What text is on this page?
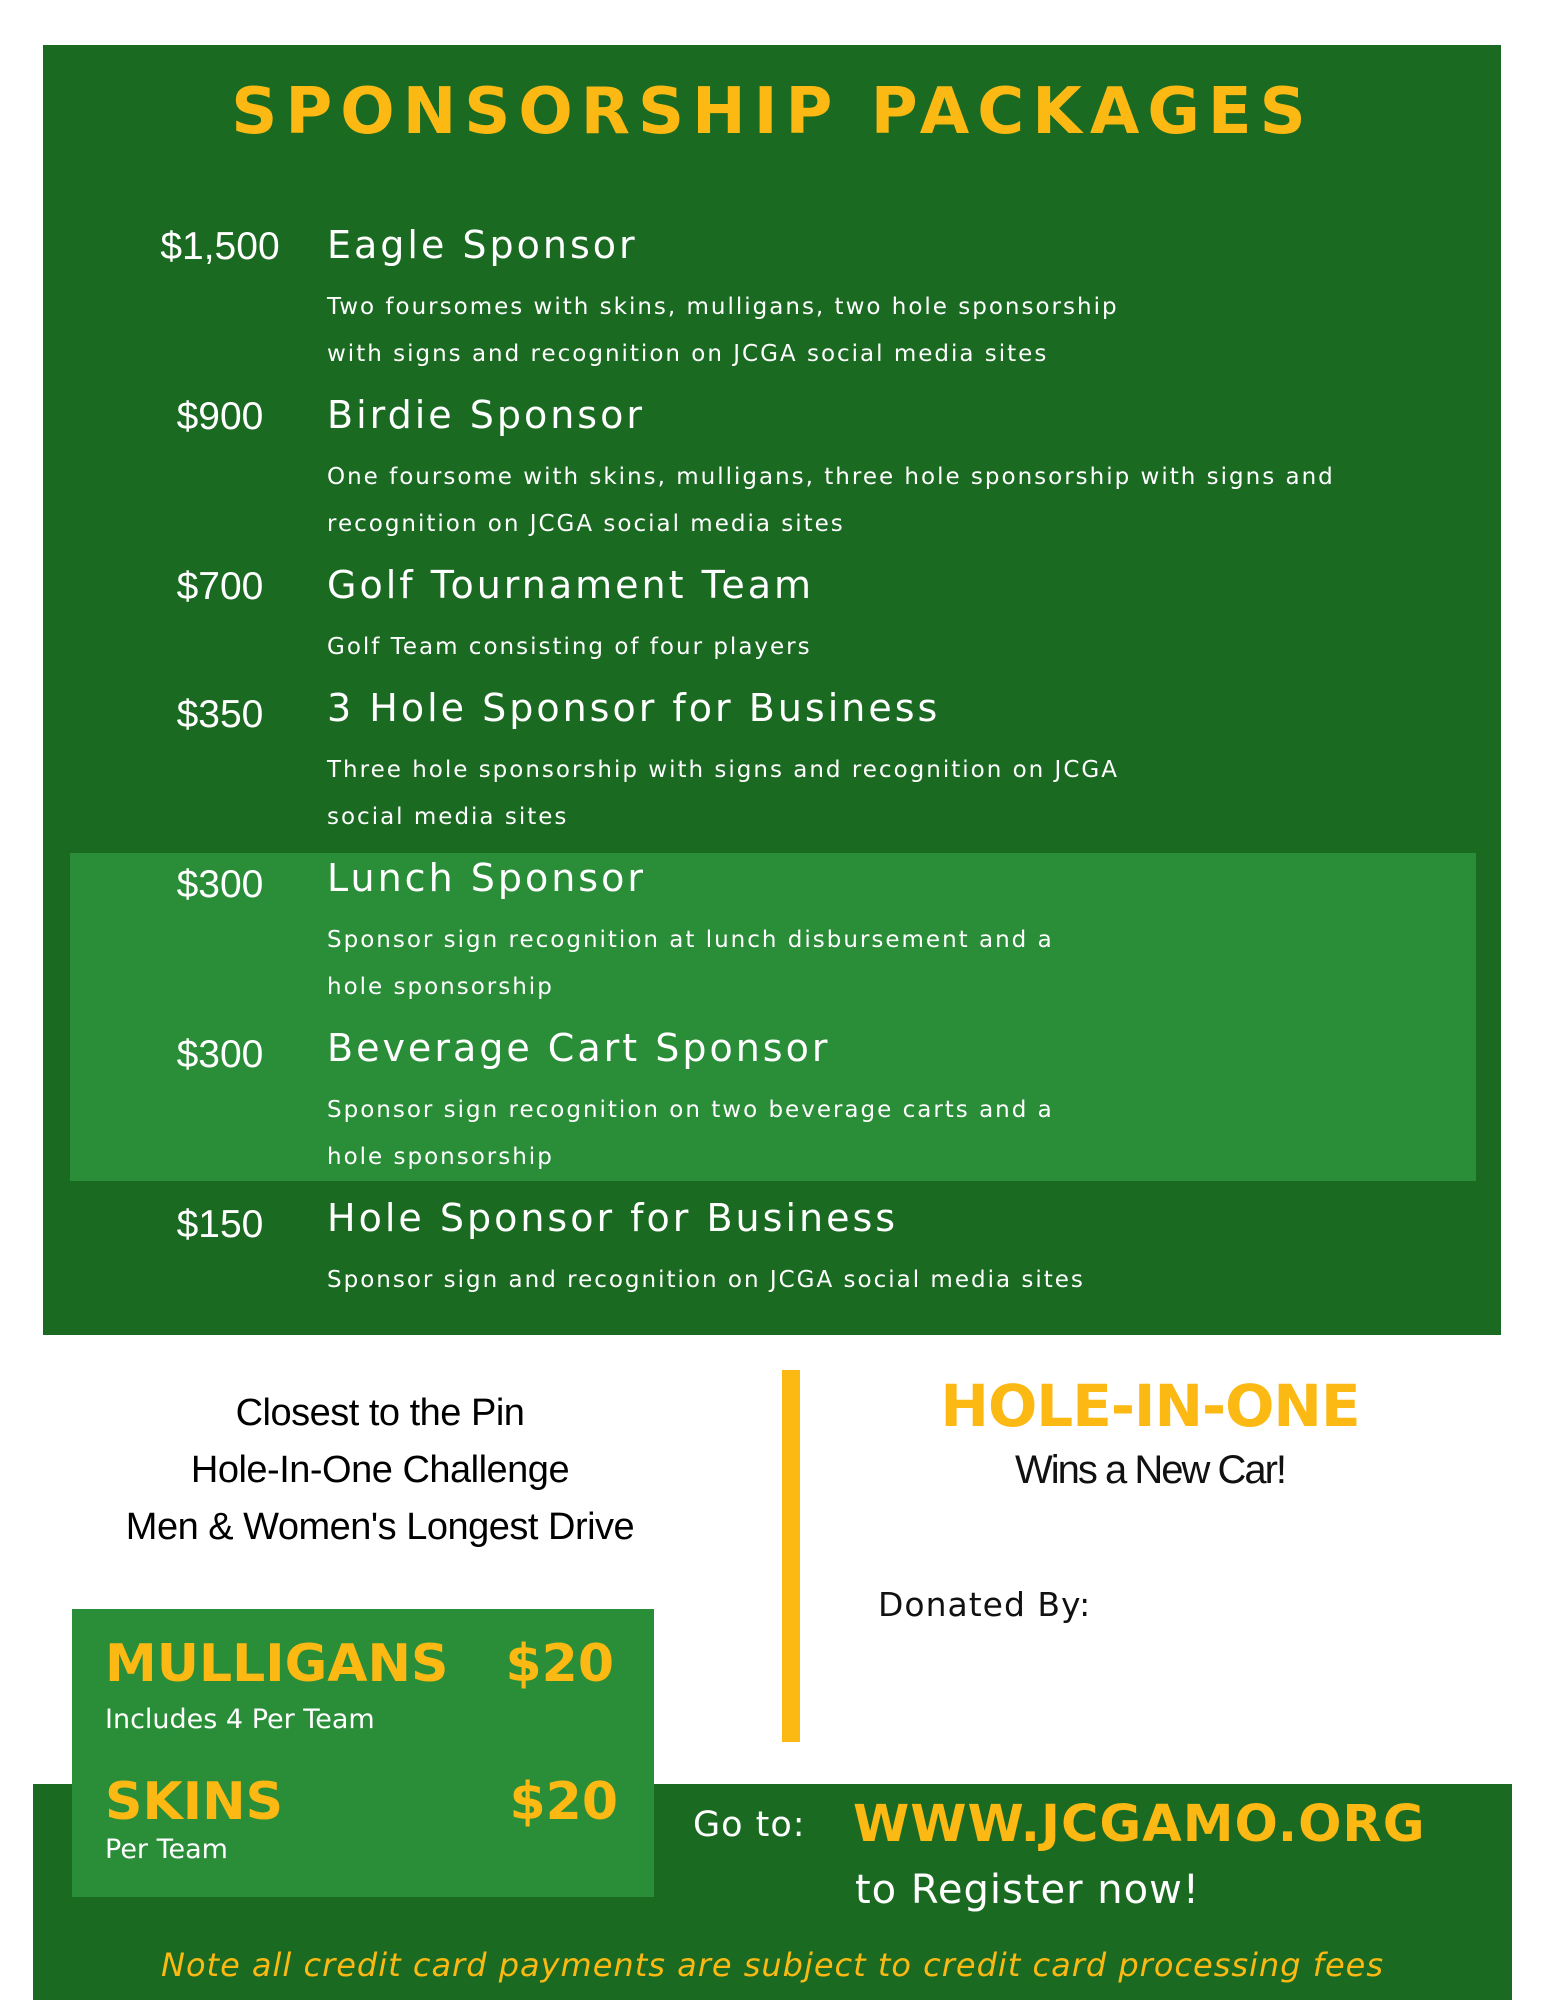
SPONSORSHIP PACKAGES
$1,500	Eagle Sponsor
Two foursomes with skins, mulligans, two hole sponsorship
with signs and recognition on JCGA social media sites
$900	Birdie Sponsor
One foursome with skins, mulligans, three hole sponsorship with signs and
recognition on JCGA social media sites
$700	Golf Tournament Team
Golf Team consisting of four players
$350	3 Hole Sponsor for Business
Three hole sponsorship with signs and recognition on JCGA
social media sites
$300	Lunch Sponsor
Sponsor sign recognition at lunch disbursement and a
hole sponsorship
$300	Beverage Cart Sponsor
Sponsor sign recognition on two beverage carts and a
hole sponsorship
$150	Hole Sponsor for Business
Sponsor sign and recognition on JCGA social media sites
Closest to the Pin
Hole-In-One Challenge
Men & Women's Longest Drive
HOLE-IN-ONE
Wins a New Car!
Donated By:
MULLIGANS $20
Includes 4 Per Team
SKINS	$20
Per Team
Go to: WWW.JCGAMO.ORG
to Register now!
Note all credit card payments are subject to credit card processing fees
